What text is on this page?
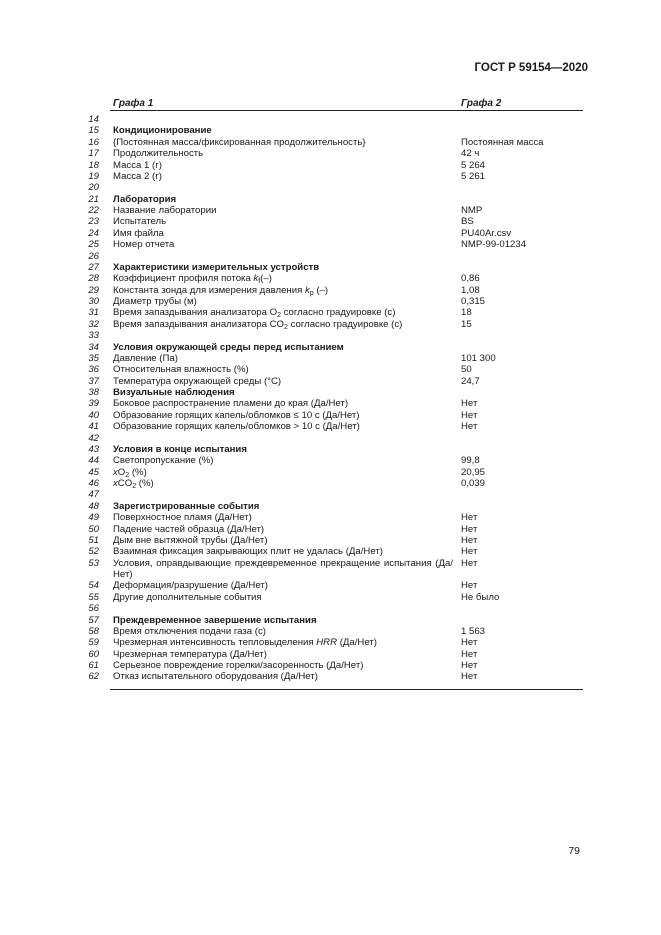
ГОСТ Р 59154—2020
Графа 1	Графа 2
14
15 Кондиционирование
16 {Постоянная масса/фиксированная продолжительность}	Постоянная масса
17 Продолжительность	42 ч
18 Масса 1 (г)	5 264
19 Масса 2 (г)	5 261
20
21 Лаборатория
22 Название лаборатории	NMP
23 Испытатель	BS
24 Имя файла	PU40Ar.csv
25 Номер отчета	NMP-99-01234
26
27 Характеристики измерительных устройств
28 Коэффициент профиля потока $k_f(-)$	0,86
29 Константа зонда для измерения давления $k_p$ (–)	1,08
30 Диаметр трубы (м)	0,315
31 Время запаздывания анализатора $O_2$ согласно градуировке (с)	18
32 Время запаздывания анализатора $CO_2$ согласно градуировке (с)	15
33
34 Условия окружающей среды перед испытанием
35 Давление (Па)	101 300
36 Относительная влажность (%)	50
37 Температура окружающей среды (°C)	24,7
38 Визуальные наблюдения
39 Боковое распространение пламени до края (Да/Нет)	Нет
40 Образование горящих капель/обломков ≤ 10 с (Да/Нет)	Нет
41 Образование горящих капель/обломков > 10 с (Да/Нет)	Нет
42
43 Условия в конце испытания
44 Светопропускание (%)	99,8
45 $xO_2$ (%)	20,95
46 xCO$_2$ (%)	0,039
47
48 Зарегистрированные события
49 Поверхностное пламя (Да/Нет)	Нет
50 Падение частей образца (Да/Нет)	Нет
51 Дым вне вытяжной трубы (Да/Нет)	Нет
52 Взаимная фиксация закрывающих плит не удалась (Да/Нет)	Нет
53 Условия, оправдывающие преждевременное прекращение испытания (Да/Нет)
Нет
54 Деформация/разрушение (Да/Нет)	Нет
55 Другие дополнительные события	Не было
56
57 Преждевременное завершение испытания
58 Время отключения подачи газа (с)	1 563
59 Чрезмерная интенсивность тепловыделения HRR (Да/Нет)	Нет
60 Чрезмерная температура (Да/Нет)	Нет
61 Серьезное повреждение горелки/засоренность (Да/Нет)	Нет
62 Отказ испытательного оборудования (Да/Нет)	Нет
79
